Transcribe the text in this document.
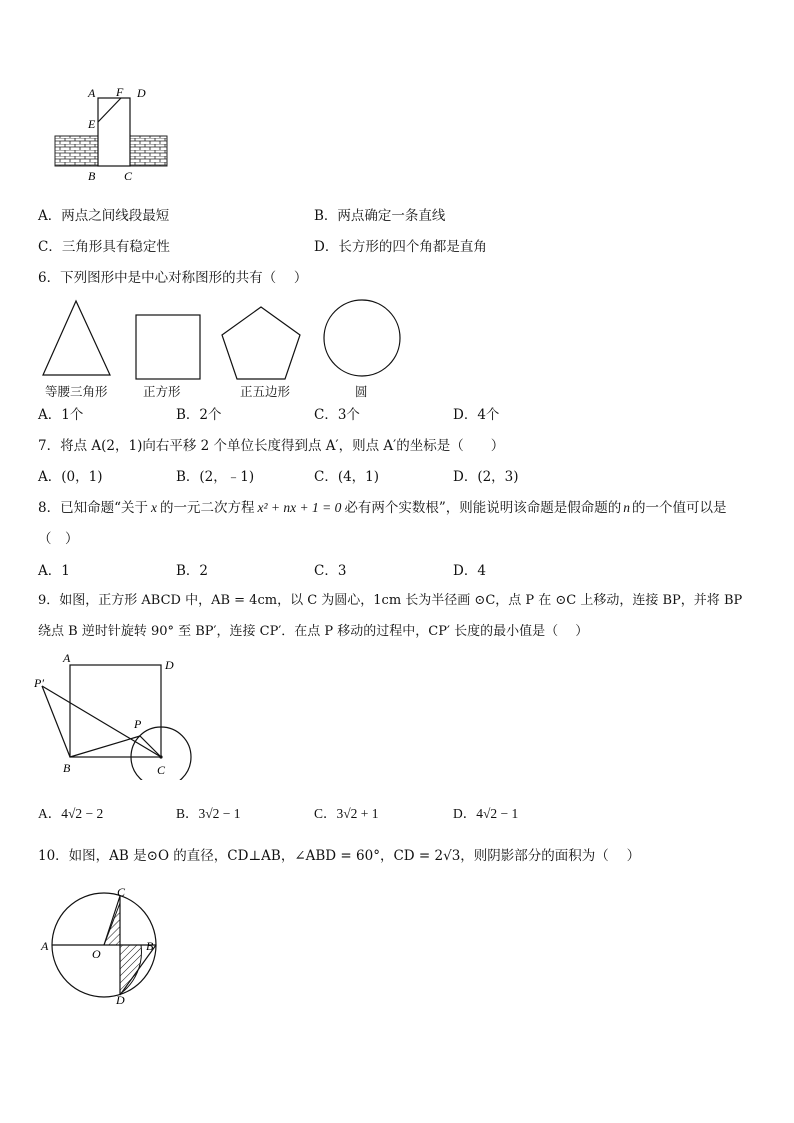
A F D
E
B C
A．两点之间线段最短	B．两点确定一条直线
C．三角形具有稳定性	D．长方形的四个角都是直角
6．下列图形中是中心对称图形的共有（　 ）
等腰三角形	正方形	正五边形	圆
A．1个	B．2个	C．3个	D．4个
7．将点 A(2，1)向右平移 2 个单位长度得到点 A′，则点 A′的坐标是（　　）
A．(0，1)	B．(2，﹣1)	C．(4，1)	D．(2，3)
8．已知命题“关于 x 的一元二次方程 x² + nx + 1 = 0 必有两个实数根”，则能说明该命题是假命题的 n 的一个值可以是
（　）
A．1	B．2	C．3	D．4
9．如图，正方形 ABCD 中，AB = 4cm，以 C 为圆心，1cm 长为半径画 ⊙C，点 P 在 ⊙C 上移动，连接 BP，并将 BP
绕点 B 逆时针旋转 90° 至 BP′，连接 CP′．在点 P 移动的过程中，CP′ 长度的最小值是（　 ）
A	D
P′
P
B	C
A．4√2 − 2	B．3√2 − 1	C．3√2 + 1	D．4√2 − 1
10．如图，AB 是⊙O 的直径，CD⊥AB，∠ABD = 60°，CD = 2√3，则阴影部分的面积为（　 ）
C
A
O
B
D
